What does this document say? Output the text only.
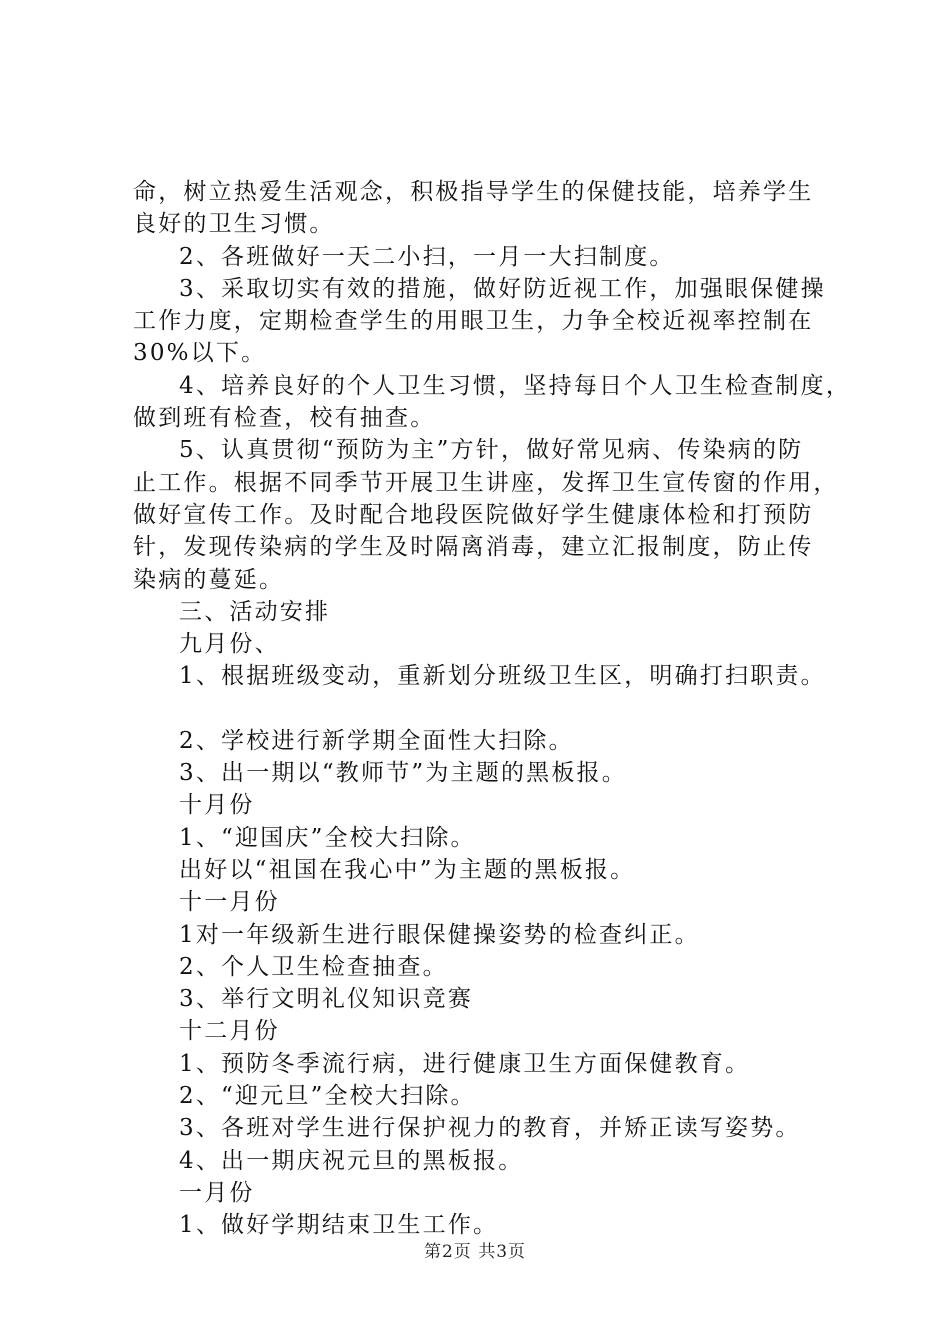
命，树立热爱生活观念，积极指导学生的保健技能，培养学生
良好的卫生习惯。
2、各班做好一天二小扫，一月一大扫制度。
3、采取切实有效的措施，做好防近视工作，加强眼保健操
工作力度，定期检查学生的用眼卫生，力争全校近视率控制在
30%以下。
4、培养良好的个人卫生习惯，坚持每日个人卫生检查制度，
做到班有检查，校有抽查。
5、认真贯彻“预防为主”方针，做好常见病、传染病的防
止工作。根据不同季节开展卫生讲座，发挥卫生宣传窗的作用，
做好宣传工作。及时配合地段医院做好学生健康体检和打预防
针，发现传染病的学生及时隔离消毒，建立汇报制度，防止传
染病的蔓延。
三、活动安排
九月份、
1、根据班级变动，重新划分班级卫生区，明确打扫职责。
2、学校进行新学期全面性大扫除。
3、出一期以“教师节”为主题的黑板报。
十月份
1、“迎国庆”全校大扫除。
出好以“祖国在我心中”为主题的黑板报。
十一月份
1对一年级新生进行眼保健操姿势的检查纠正。
2、个人卫生检查抽查。
3、举行文明礼仪知识竞赛
十二月份
1、预防冬季流行病，进行健康卫生方面保健教育。
2、“迎元旦”全校大扫除。
3、各班对学生进行保护视力的教育，并矫正读写姿势。
4、出一期庆祝元旦的黑板报。
一月份
1、做好学期结束卫生工作。
第2页 共3页
